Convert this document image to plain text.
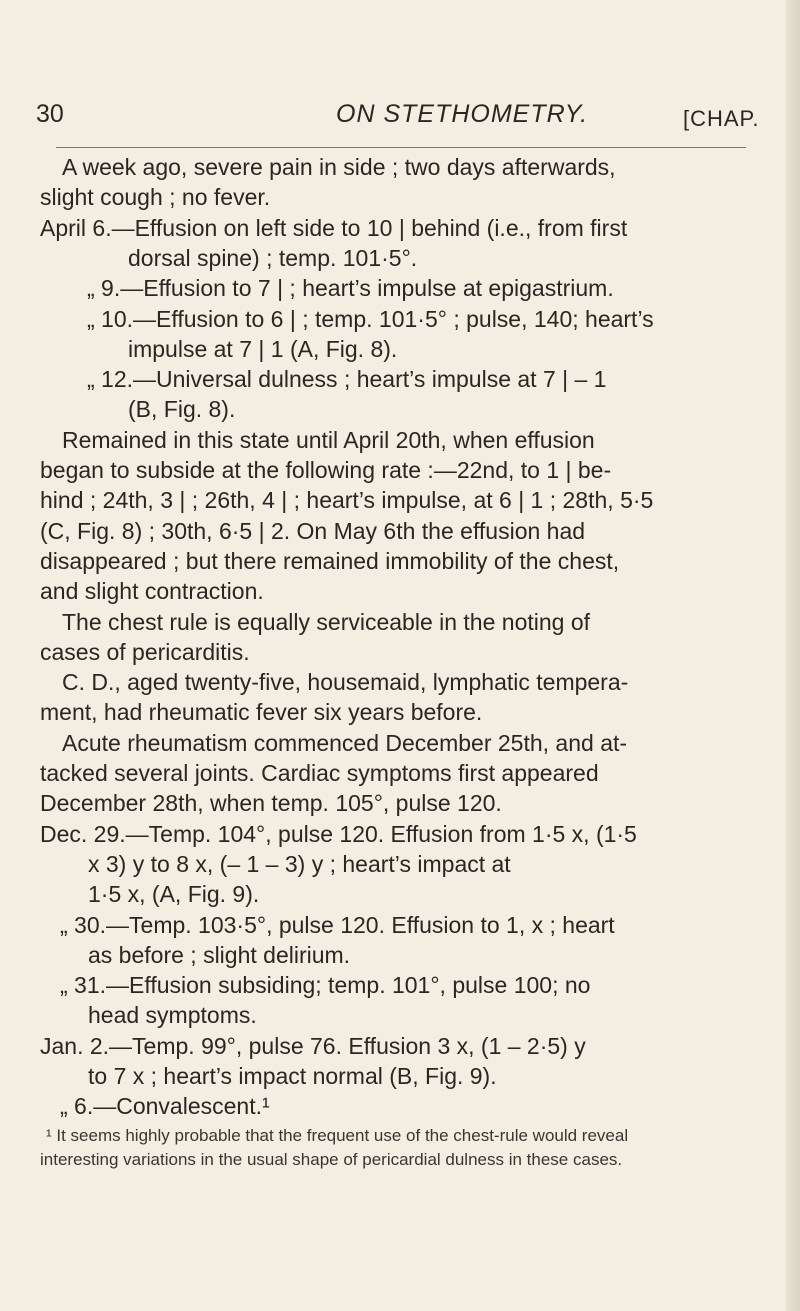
30	ON STETHOMETRY.	[CHAP.
A week ago, severe pain in side ; two days afterwards,
slight cough ; no fever.
April 6.—Effusion on left side to 10 | behind (i.e., from first
dorsal spine) ; temp. 101·5°.
„ 9.—Effusion to 7 | ; heart’s impulse at epigastrium.
„ 10.—Effusion to 6 | ; temp. 101·5° ; pulse, 140; heart’s
impulse at 7 | 1 (A, Fig. 8).
„ 12.—Universal dulness ; heart’s impulse at 7 | – 1
(B, Fig. 8).
Remained in this state until April 20th, when effusion
began to subside at the following rate :—22nd, to 1 | be-
hind ; 24th, 3 | ; 26th, 4 | ; heart’s impulse, at 6 | 1 ; 28th, 5·5
(C, Fig. 8) ; 30th, 6·5 | 2. On May 6th the effusion had
disappeared ; but there remained immobility of the chest,
and slight contraction.
The chest rule is equally serviceable in the noting of
cases of pericarditis.
C. D., aged twenty-five, housemaid, lymphatic tempera-
ment, had rheumatic fever six years before.
Acute rheumatism commenced December 25th, and at-
tacked several joints. Cardiac symptoms first appeared
December 28th, when temp. 105°, pulse 120.
Dec. 29.—Temp. 104°, pulse 120. Effusion from 1·5 x, (1·5
x 3) y to 8 x, (– 1 – 3) y ; heart’s impact at
1·5 x, (A, Fig. 9).
„ 30.—Temp. 103·5°, pulse 120. Effusion to 1, x ; heart
as before ; slight delirium.
„ 31.—Effusion subsiding; temp. 101°, pulse 100; no
head symptoms.
Jan. 2.—Temp. 99°, pulse 76. Effusion 3 x, (1 – 2·5) y
to 7 x ; heart’s impact normal (B, Fig. 9).
„ 6.—Convalescent.¹
¹ It seems highly probable that the frequent use of the chest-rule would reveal
interesting variations in the usual shape of pericardial dulness in these cases.
